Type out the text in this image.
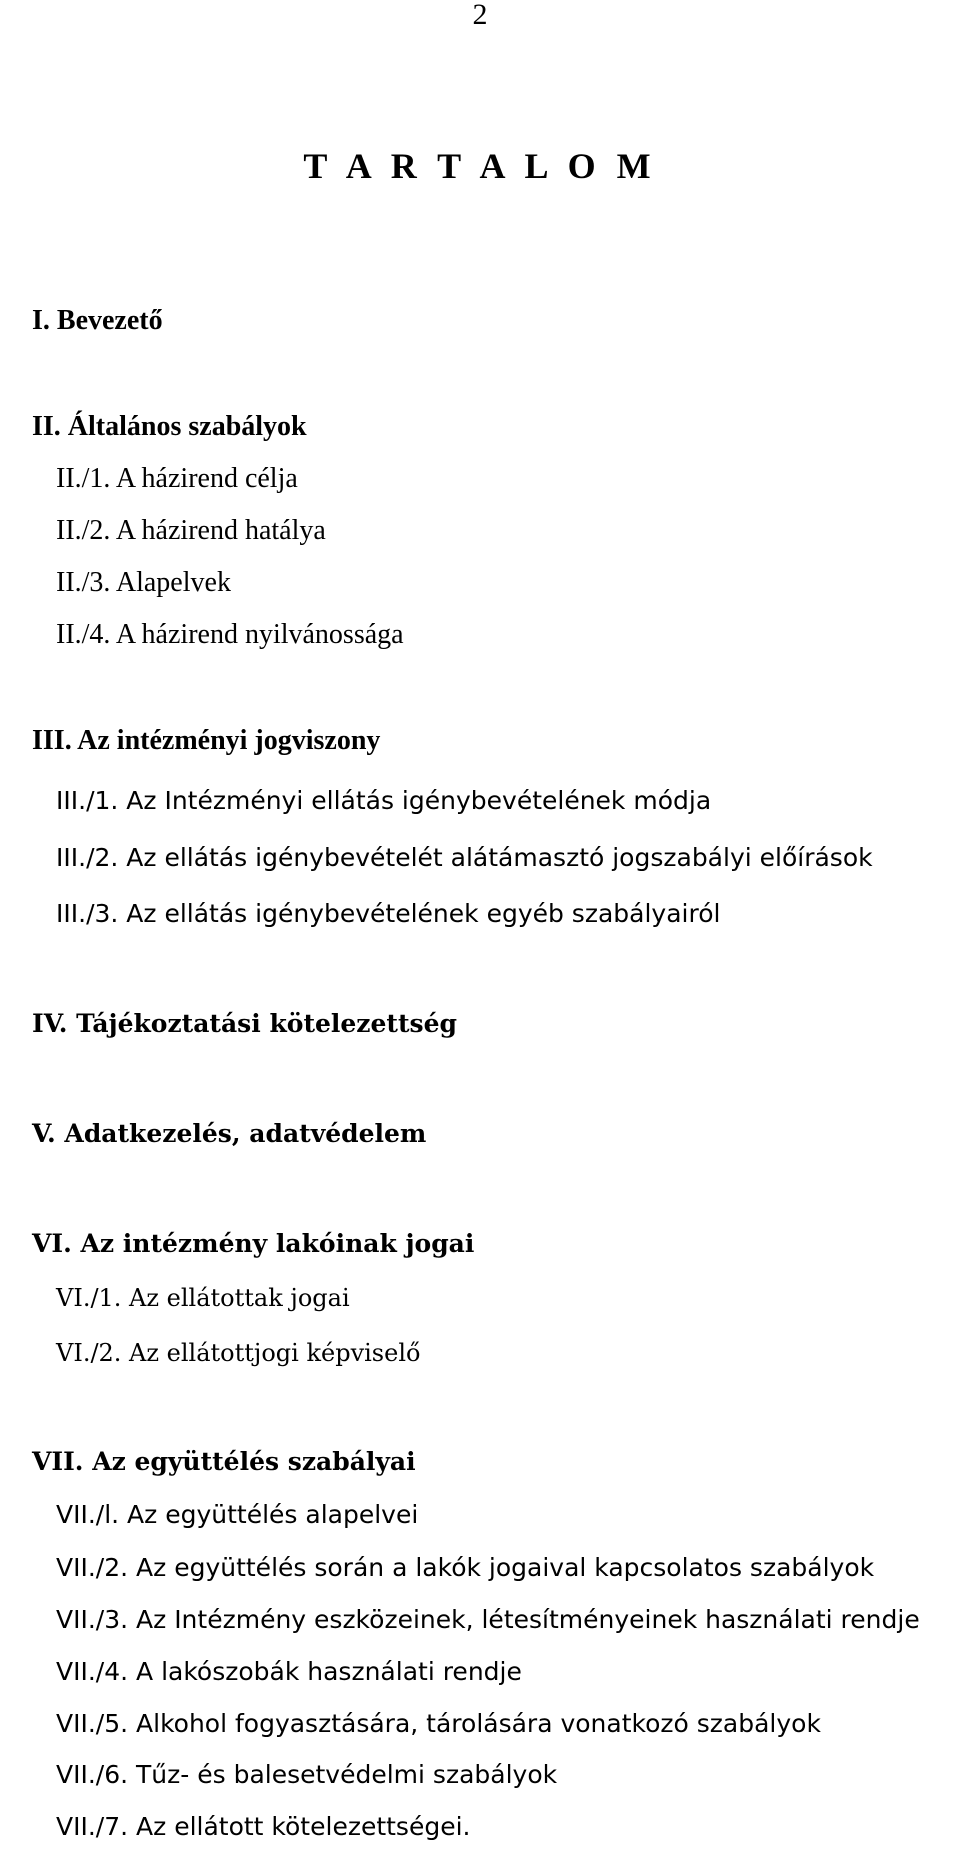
2
T A R T A L O M
I. Bevezető
II. Általános szabályok
II./1. A házirend célja
II./2. A házirend hatálya
II./3. Alapelvek
II./4. A házirend nyilvánossága
III. Az intézményi jogviszony
III./1. Az Intézményi ellátás igénybevételének módja
III./2. Az ellátás igénybevételét alátámasztó jogszabályi előírások
III./3. Az ellátás igénybevételének egyéb szabályairól
IV. Tájékoztatási kötelezettség
V. Adatkezelés, adatvédelem
VI. Az intézmény lakóinak jogai
VI./1. Az ellátottak jogai
VI./2. Az ellátottjogi képviselő
VII. Az együttélés szabályai
VII./l. Az együttélés alapelvei
VII./2. Az együttélés során a lakók jogaival kapcsolatos szabályok
VII./3. Az Intézmény eszközeinek, létesítményeinek használati rendje
VII./4. A lakószobák használati rendje
VII./5. Alkohol fogyasztására, tárolására vonatkozó szabályok
VII./6. Tűz- és balesetvédelmi szabályok
VII./7. Az ellátott kötelezettségei.
